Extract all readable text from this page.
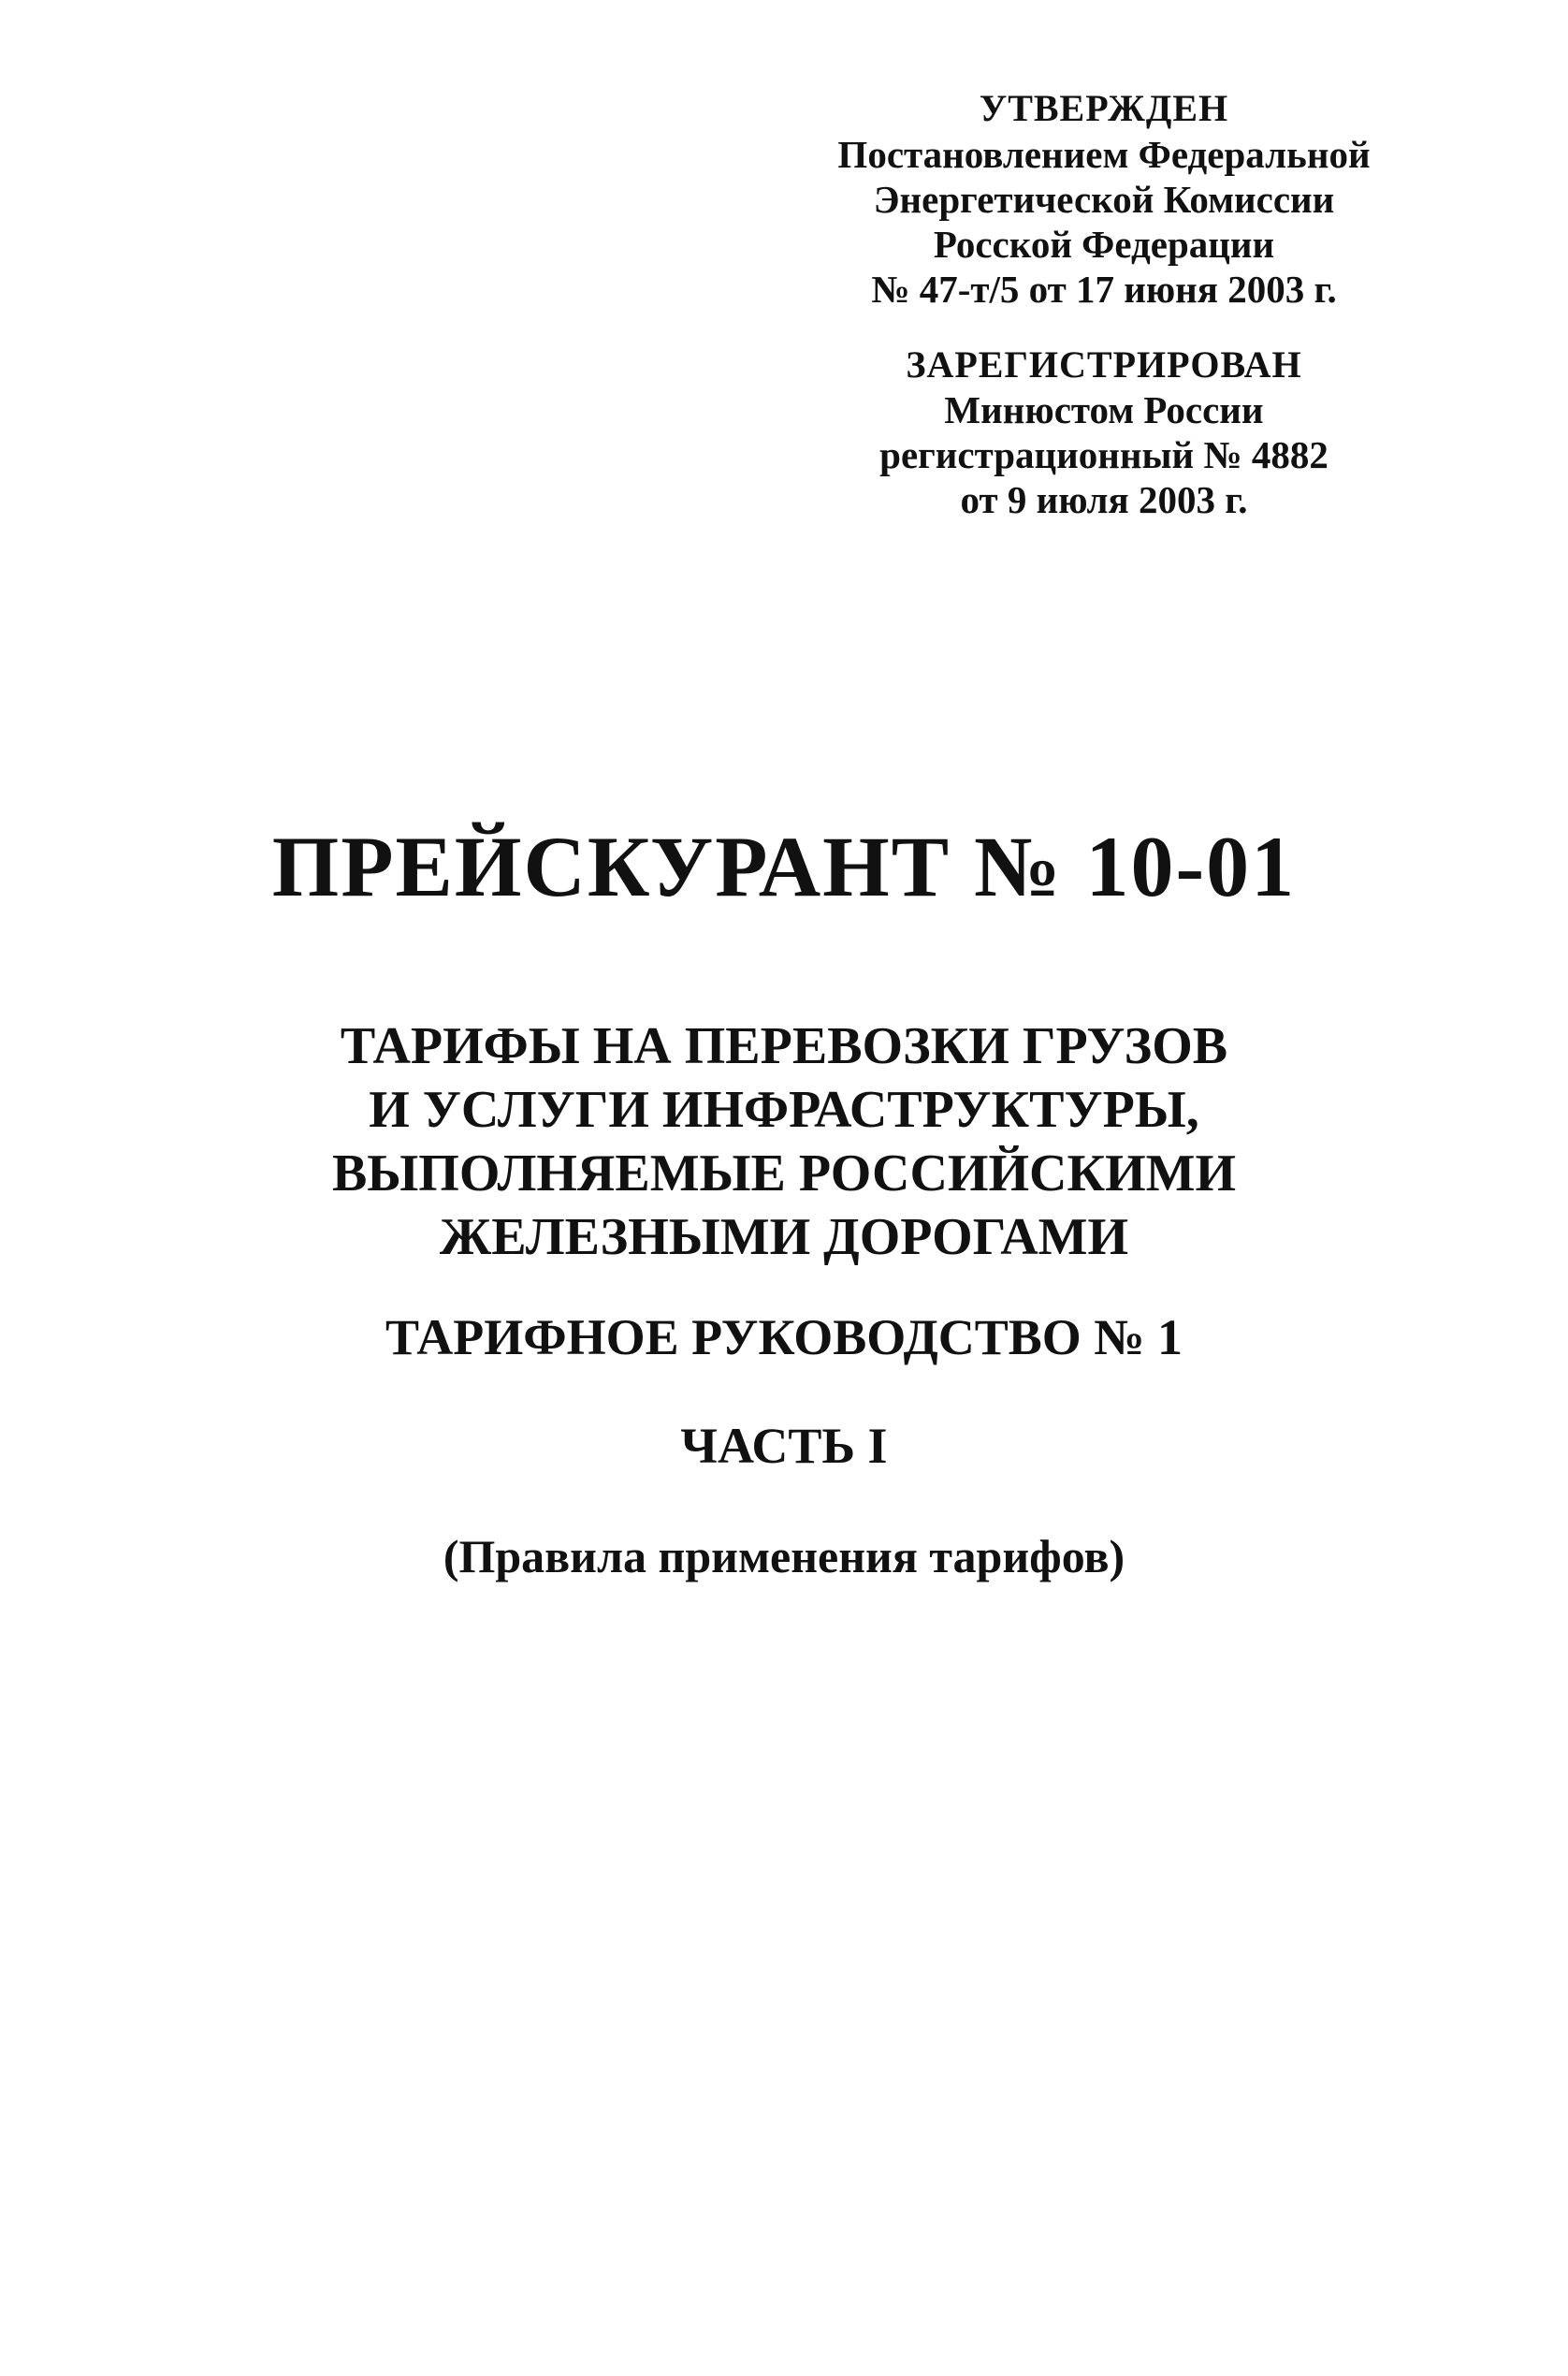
УТВЕРЖДЕН
Постановлением Федеральной
Энергетической Комиссии
Росской Федерации
№ 47-т/5 от 17 июня 2003 г.
ЗАРЕГИСТРИРОВАН
Минюстом России
регистрационный № 4882
от 9 июля 2003 г.
ПРЕЙСКУРАНТ № 10-01
ТАРИФЫ НА ПЕРЕВОЗКИ ГРУЗОВ
И УСЛУГИ ИНФРАСТРУКТУРЫ,
ВЫПОЛНЯЕМЫЕ РОССИЙСКИМИ
ЖЕЛЕЗНЫМИ ДОРОГАМИ
ТАРИФНОЕ РУКОВОДСТВО № 1
ЧАСТЬ I
(Правила применения тарифов)
